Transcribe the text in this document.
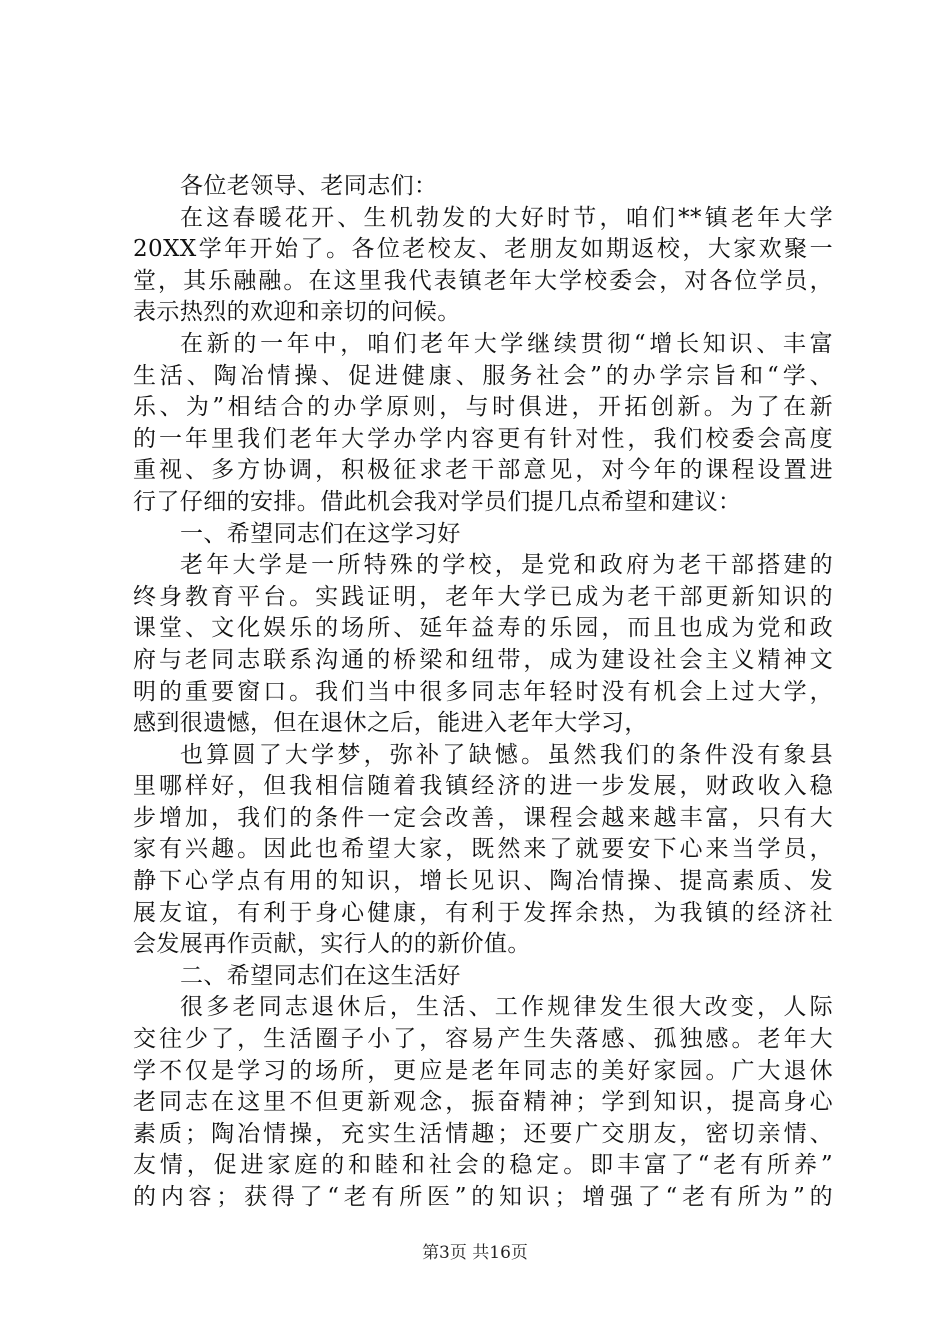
各位老领导、老同志们：
在这春暖花开、生机勃发的大好时节，咱们**镇老年大学
20XX学年开始了。各位老校友、老朋友如期返校，大家欢聚一
堂，其乐融融。在这里我代表镇老年大学校委会，对各位学员，
表示热烈的欢迎和亲切的问候。
在新的一年中，咱们老年大学继续贯彻“增长知识、丰富
生活、陶冶情操、促进健康、服务社会”的办学宗旨和“学、
乐、为”相结合的办学原则，与时俱进，开拓创新。为了在新
的一年里我们老年大学办学内容更有针对性，我们校委会高度
重视、多方协调，积极征求老干部意见，对今年的课程设置进
行了仔细的安排。借此机会我对学员们提几点希望和建议：
一、希望同志们在这学习好
老年大学是一所特殊的学校，是党和政府为老干部搭建的
终身教育平台。实践证明，老年大学已成为老干部更新知识的
课堂、文化娱乐的场所、延年益寿的乐园，而且也成为党和政
府与老同志联系沟通的桥梁和纽带，成为建设社会主义精神文
明的重要窗口。我们当中很多同志年轻时没有机会上过大学，
感到很遗憾，但在退休之后，能进入老年大学习，
也算圆了大学梦，弥补了缺憾。虽然我们的条件没有象县
里哪样好，但我相信随着我镇经济的进一步发展，财政收入稳
步增加，我们的条件一定会改善，课程会越来越丰富，只有大
家有兴趣。因此也希望大家，既然来了就要安下心来当学员，
静下心学点有用的知识，增长见识、陶冶情操、提高素质、发
展友谊，有利于身心健康，有利于发挥余热，为我镇的经济社
会发展再作贡献，实行人的的新价值。
二、希望同志们在这生活好
很多老同志退休后，生活、工作规律发生很大改变，人际
交往少了，生活圈子小了，容易产生失落感、孤独感。老年大
学不仅是学习的场所，更应是老年同志的美好家园。广大退休
老同志在这里不但更新观念，振奋精神；学到知识，提高身心
素质；陶冶情操，充实生活情趣；还要广交朋友，密切亲情、
友情，促进家庭的和睦和社会的稳定。即丰富了“老有所养”
的内容；获得了“老有所医”的知识；增强了“老有所为”的
第3页 共16页
